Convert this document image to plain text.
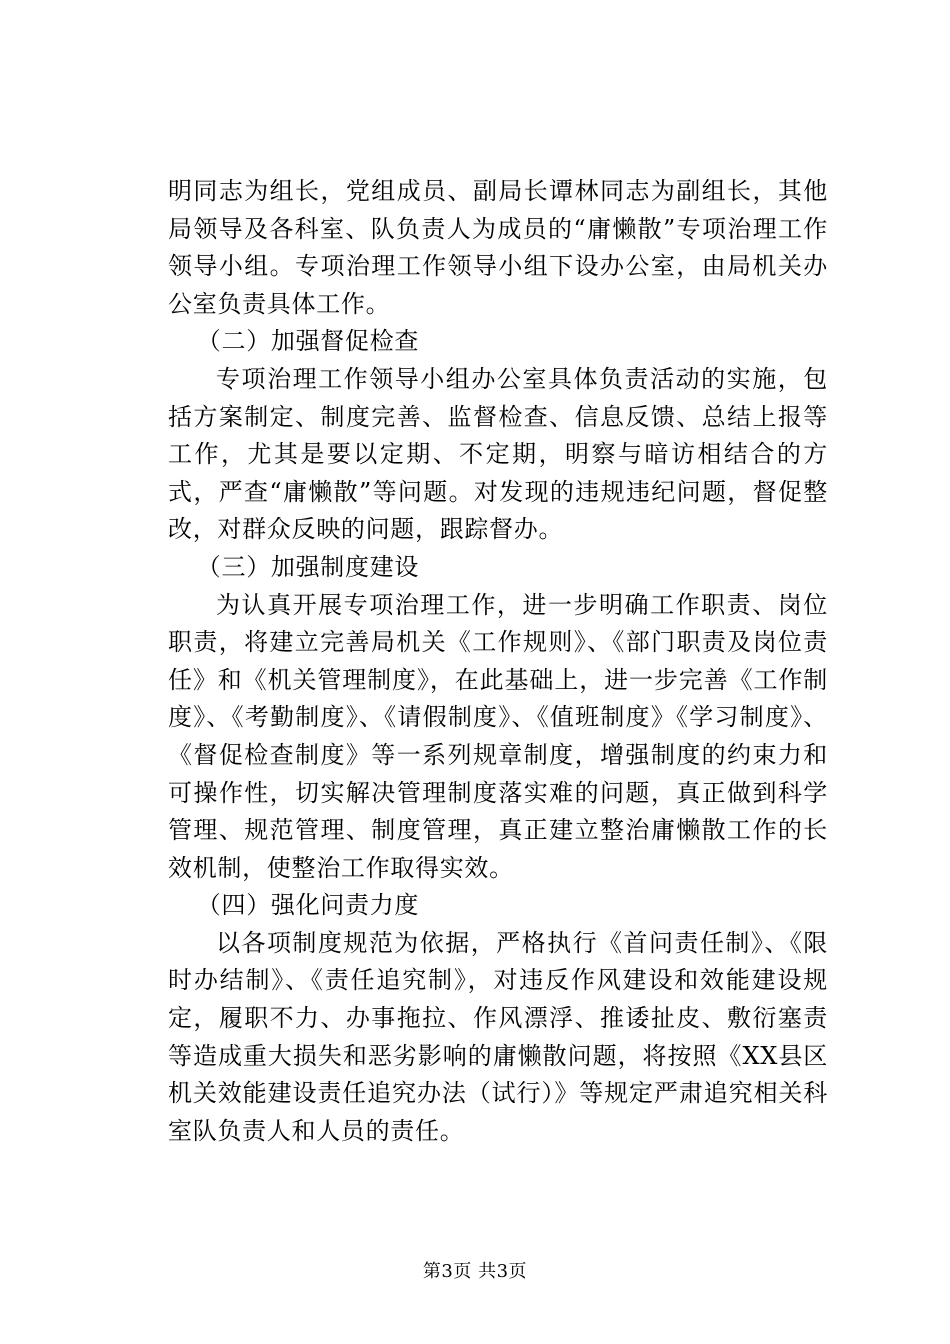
明同志为组长，党组成员、副局长谭林同志为副组长，其他局领导及各科室、队负责人为成员的“庸懒散”专项治理工作领导小组。专项治理工作领导小组下设办公室，由局机关办公室负责具体工作。

（二）加强督促检查

专项治理工作领导小组办公室具体负责活动的实施，包括方案制定、制度完善、监督检查、信息反馈、总结上报等工作，尤其是要以定期、不定期，明察与暗访相结合的方式，严查“庸懒散”等问题。对发现的违规违纪问题，督促整改，对群众反映的问题，跟踪督办。

（三）加强制度建设

为认真开展专项治理工作，进一步明确工作职责、岗位职责，将建立完善局机关《工作规则》、《部门职责及岗位责任》和《机关管理制度》，在此基础上，进一步完善《工作制度》、《考勤制度》、《请假制度》、《值班制度》《学习制度》、《督促检查制度》等一系列规章制度，增强制度的约束力和可操作性，切实解决管理制度落实难的问题，真正做到科学管理、规范管理、制度管理，真正建立整治庸懒散工作的长效机制，使整治工作取得实效。

（四）强化问责力度

以各项制度规范为依据，严格执行《首问责任制》、《限时办结制》、《责任追究制》，对违反作风建设和效能建设规定，履职不力、办事拖拉、作风漂浮、推诿扯皮、敷衍塞责等造成重大损失和恶劣影响的庸懒散问题，将按照《XX县区机关效能建设责任追究办法（试行）》等规定严肃追究相关科室队负责人和人员的责任。

第3页 共3页
